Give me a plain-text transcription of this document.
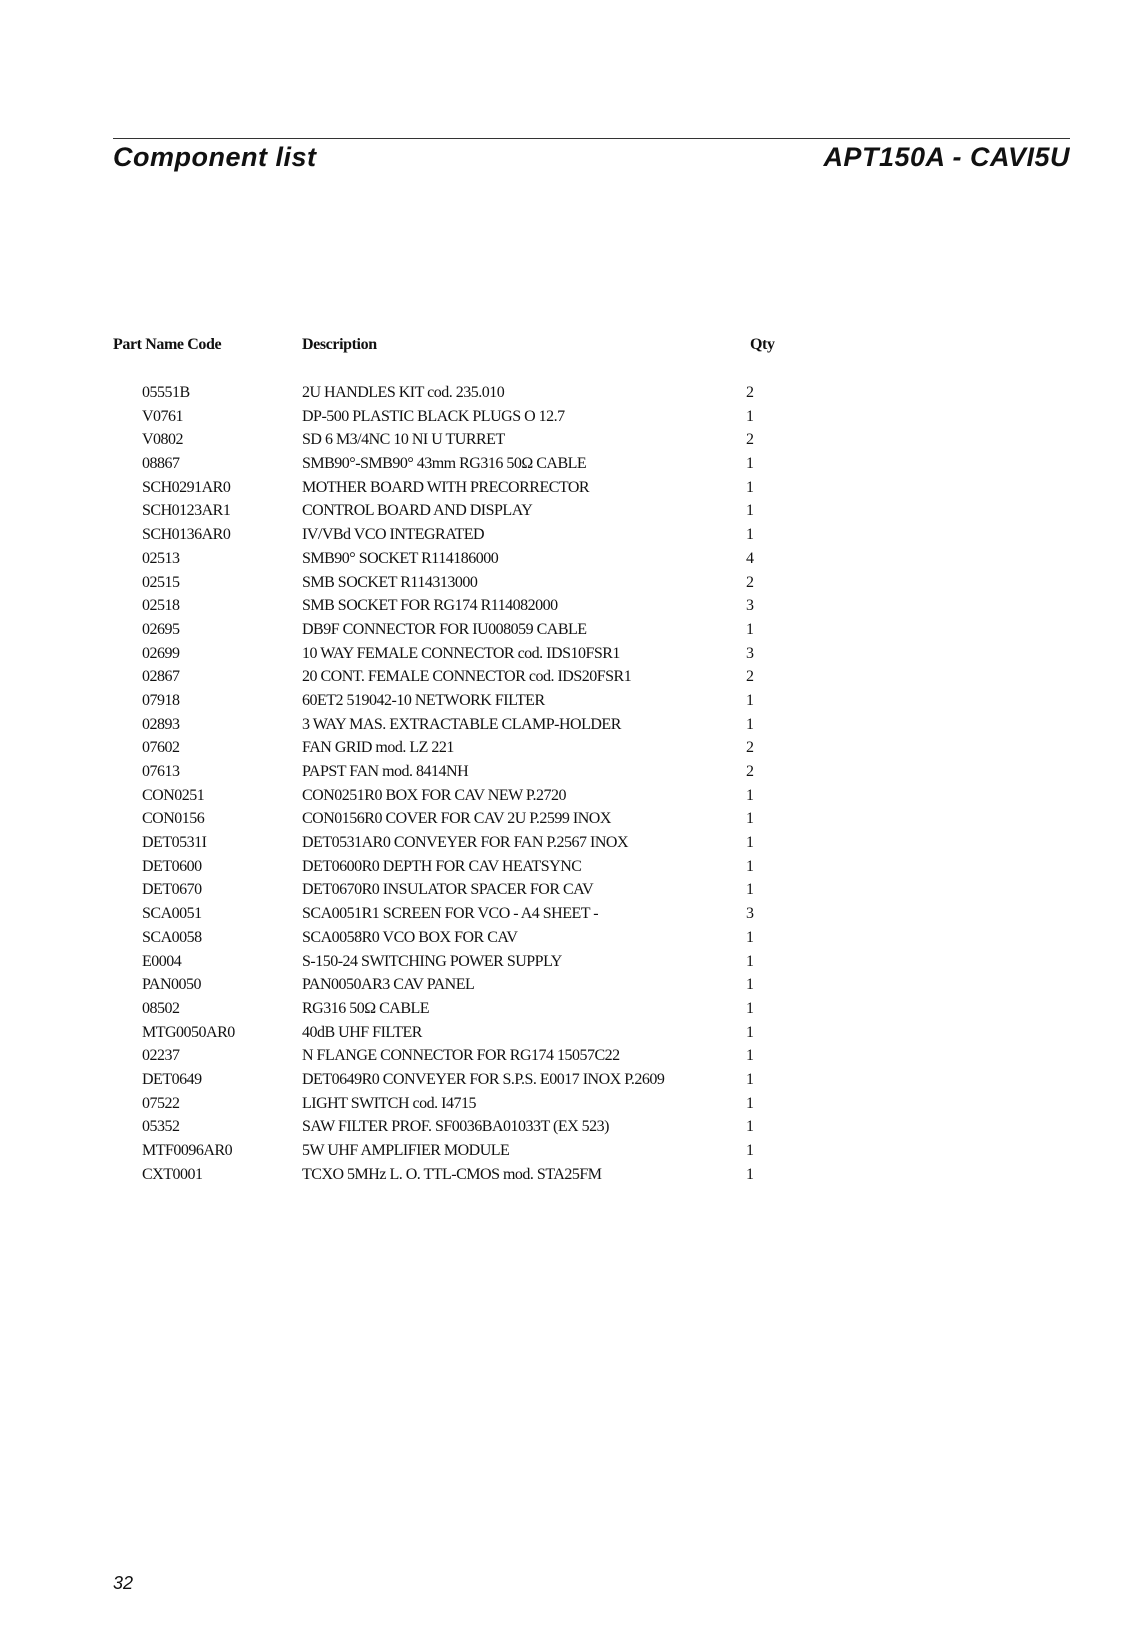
Component list	APT150A - CAVI5U
Part Name Code	Description	Qty
05551B	2U HANDLES KIT cod. 235.010	2
V0761	DP-500 PLASTIC BLACK PLUGS O 12.7	1
V0802	SD 6 M3/4NC 10 NI U TURRET	2
08867	SMB90°-SMB90° 43mm RG316 50Ω CABLE	1
SCH0291AR0	MOTHER BOARD WITH PRECORRECTOR	1
SCH0123AR1	CONTROL BOARD AND DISPLAY	1
SCH0136AR0	IV/VBd VCO INTEGRATED	1
02513	SMB90° SOCKET R114186000	4
02515	SMB SOCKET R114313000	2
02518	SMB SOCKET FOR RG174 R114082000	3
02695	DB9F CONNECTOR FOR IU008059 CABLE	1
02699	10 WAY FEMALE CONNECTOR cod. IDS10FSR1	3
02867	20 CONT. FEMALE CONNECTOR cod. IDS20FSR1	2
07918	60ET2 519042-10 NETWORK FILTER	1
02893	3 WAY MAS. EXTRACTABLE CLAMP-HOLDER	1
07602	FAN GRID mod. LZ 221	2
07613	PAPST FAN mod. 8414NH	2
CON0251	CON0251R0 BOX FOR CAV NEW P.2720	1
CON0156	CON0156R0 COVER FOR CAV 2U P.2599 INOX	1
DET0531I	DET0531AR0 CONVEYER FOR FAN P.2567 INOX	1
DET0600	DET0600R0 DEPTH FOR CAV HEATSYNC	1
DET0670	DET0670R0 INSULATOR SPACER FOR CAV	1
SCA0051	SCA0051R1 SCREEN FOR VCO - A4 SHEET -	3
SCA0058	SCA0058R0 VCO BOX FOR CAV	1
E0004	S-150-24 SWITCHING POWER SUPPLY	1
PAN0050	PAN0050AR3 CAV PANEL	1
08502	RG316 50Ω CABLE	1
MTG0050AR0	40dB UHF FILTER	1
02237	N FLANGE CONNECTOR FOR RG174 15057C22	1
DET0649	DET0649R0 CONVEYER FOR S.P.S. E0017 INOX P.2609	1
07522	LIGHT SWITCH cod. I4715	1
05352	SAW FILTER PROF. SF0036BA01033T (EX 523)	1
MTF0096AR0	5W UHF AMPLIFIER MODULE	1
CXT0001	TCXO 5MHz L. O. TTL-CMOS mod. STA25FM	1
32
